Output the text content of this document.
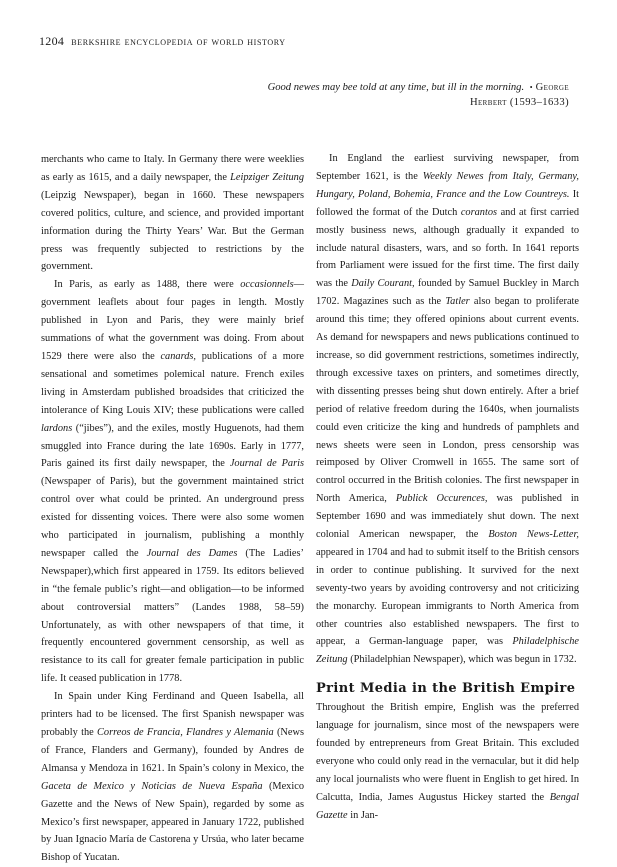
1204 berkshire encyclopedia of world history
Good newes may bee told at any time, but ill in the morning. • George Herbert (1593–1633)

merchants who came to Italy. In Germany there were weeklies as early as 1615, and a daily newspaper, the Leipziger Zeitung (Leipzig Newspaper), began in 1660. These newspapers covered politics, culture, and science, and provided important information during the Thirty Years’ War. But the German press was frequently subjected to restrictions by the government.

In Paris, as early as 1488, there were occasionnels—government leaflets about four pages in length. Mostly published in Lyon and Paris, they were mainly brief summations of what the government was doing. From about 1529 there were also the canards, publications of a more sensational and sometimes polemical nature. French exiles living in Amsterdam published broadsides that criticized the intolerance of King Louis XIV; these publications were called lardons (“jibes”), and the exiles, mostly Huguenots, had them smuggled into France during the late 1690s. Early in 1777, Paris gained its first daily newspaper, the Journal de Paris (Newspaper of Paris), but the government maintained strict control over what could be printed. An underground press existed for dissenting voices. There were also some women who participated in journalism, publishing a monthly newspaper called the Journal des Dames (The Ladies’ Newspaper),which first appeared in 1759. Its editors believed in “the female public’s right—and obligation—to be informed about controversial matters” (Landes 1988, 58–59) Unfortunately, as with other newspapers of that time, it frequently encountered government censorship, as well as resistance to its call for greater female participation in public life. It ceased publication in 1778.

In Spain under King Ferdinand and Queen Isabella, all printers had to be licensed. The first Spanish newspaper was probably the Correos de Francia, Flandres y Alemania (News of France, Flanders and Germany), founded by Andres de Almansa y Mendoza in 1621. In Spain’s colony in Mexico, the Gaceta de Mexico y Noticias de Nueva España (Mexico Gazette and the News of New Spain), regarded by some as Mexico’s first newspaper, appeared in January 1722, published by Juan Ignacio María de Castorena y Ursúa, who later became Bishop of Yucatan.

In England the earliest surviving newspaper, from September 1621, is the Weekly Newes from Italy, Germany, Hungary, Poland, Bohemia, France and the Low Countreys. It followed the format of the Dutch corantos and at first carried mostly business news, although gradually it expanded to include natural disasters, wars, and so forth. In 1641 reports from Parliament were issued for the first time. The first daily was the Daily Courant, founded by Samuel Buckley in March 1702. Magazines such as the Tatler also began to proliferate around this time; they offered opinions about current events. As demand for newspapers and news publications continued to increase, so did government restrictions, sometimes indirectly, through excessive taxes on printers, and sometimes directly, with dissenting presses being shut down entirely. After a brief period of relative freedom during the 1640s, when journalists could even criticize the king and hundreds of pamphlets and news sheets were seen in London, press censorship was reimposed by Oliver Cromwell in 1655. The same sort of control occurred in the British colonies. The first newspaper in North America, Publick Occurences, was published in September 1690 and was immediately shut down. The next colonial American newspaper, the Boston News-Letter, appeared in 1704 and had to submit itself to the British censors in order to continue publishing. It survived for the next seventy-two years by avoiding controversy and not criticizing the monarchy. European immigrants to North America from other countries also established newspapers. The first to appear, a German-language paper, was Philadelphische Zeitung (Philadelphian Newspaper), which was begun in 1732.

Print Media in the British Empire

Throughout the British empire, English was the preferred language for journalism, since most of the newspapers were founded by entrepreneurs from Great Britain. This excluded everyone who could only read in the vernacular, but it did help any local journalists who were fluent in English to get hired. In Calcutta, India, James Augustus Hickey started the Bengal Gazette in Jan-
